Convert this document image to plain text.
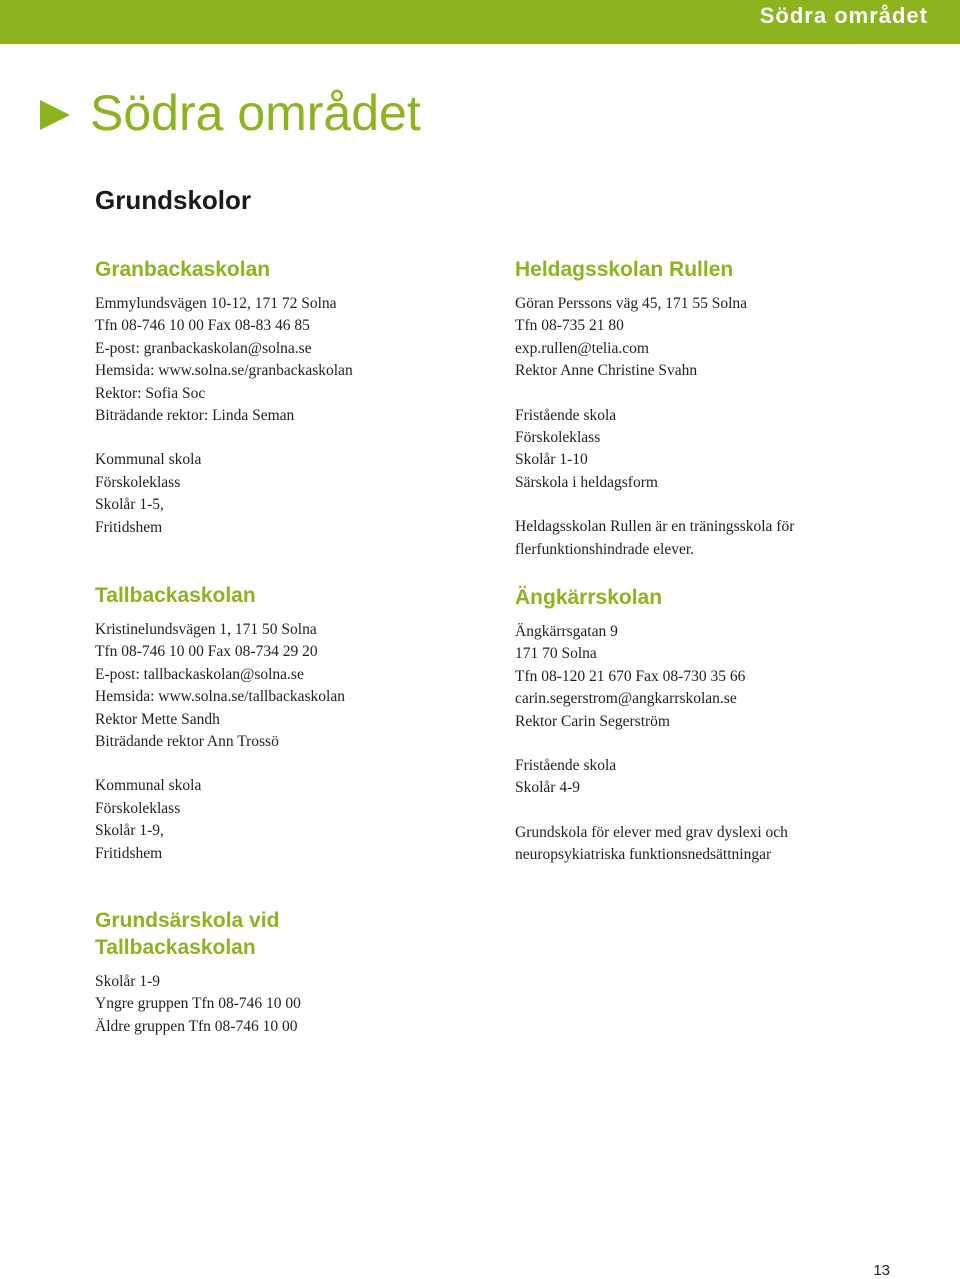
Södra området
Södra området
Grundskolor
Granbackaskolan

Emmylundsvägen 10-12, 171 72 Solna

Tfn 08-746 10 00 Fax 08-83 46 85

E-post: granbackaskolan@solna.se

Hemsida: www.solna.se/granbackaskolan

Rektor: Sofia Soc

Biträdande rektor: Linda Seman

Kommunal skola

Förskoleklass

Skolår 1-5,

Fritidshem

Tallbackaskolan

Kristinelundsvägen 1, 171 50 Solna

Tfn 08-746 10 00 Fax 08-734 29 20

E-post: tallbackaskolan@solna.se

Hemsida: www.solna.se/tallbackaskolan

Rektor Mette Sandh

Biträdande rektor Ann Trossö

Kommunal skola

Förskoleklass

Skolår 1-9,

Fritidshem

Grundsärskola vid
Tallbackaskolan

Skolår 1-9

Yngre gruppen Tfn 08-746 10 00

Äldre gruppen Tfn 08-746 10 00

Heldagsskolan Rullen

Göran Perssons väg 45, 171 55 Solna

Tfn 08-735 21 80

exp.rullen@telia.com

Rektor Anne Christine Svahn

Fristående skola

Förskoleklass

Skolår 1-10

Särskola i heldagsform

Heldagsskolan Rullen är en träningsskola för

flerfunktionshindrade elever.

Ängkärrskolan

Ängkärrsgatan 9

171 70 Solna

Tfn 08-120 21 670 Fax 08-730 35 66

carin.segerstrom@angkarrskolan.se

Rektor Carin Segerström

Fristående skola

Skolår 4-9

Grundskola för elever med grav dyslexi och

neuropsykiatriska funktionsnedsättningar

13
